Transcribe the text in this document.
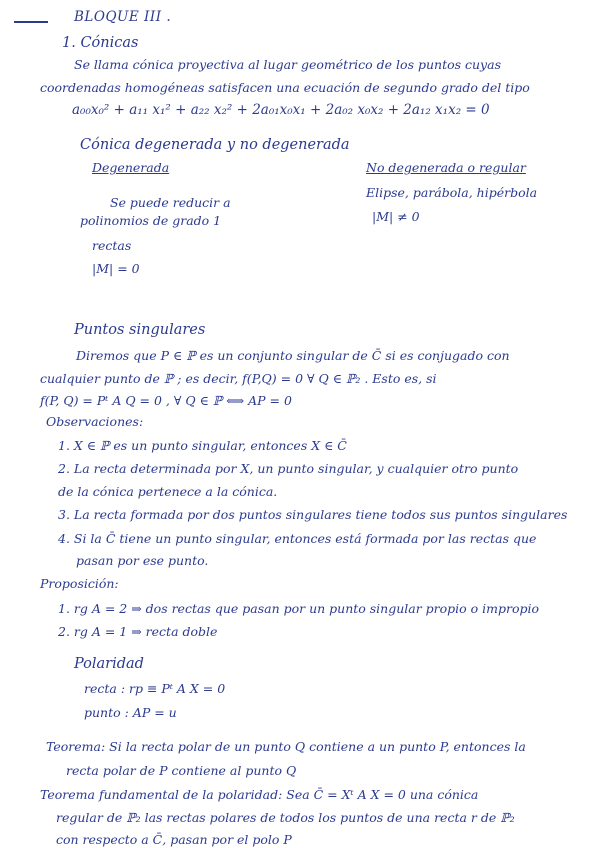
BLOQUE III .
1. Cónicas
Se llama cónica proyectiva al lugar geométrico de los puntos cuyas
coordenadas homogéneas satisfacen una ecuación de segundo grado del tipo
a₀₀x₀² + a₁₁ x₁² + a₂₂ x₂² + 2a₀₁x₀x₁ + 2a₀₂ x₀x₂ + 2a₁₂ x₁x₂ = 0
Cónica degenerada y no degenerada
Degenerada
Se puede reducir a
polinomios de grado 1
rectas
|M| = 0
No degenerada o regular
Elipse, parábola, hipérbola
|M| ≠ 0
Puntos singulares
Diremos que P ∈ ℙ es un conjunto singular de C̄ si es conjugado con
cualquier punto de ℙ ; es decir, f(P,Q) = 0 ∀ Q ∈ ℙ₂ . Esto es, si
f(P, Q) = Pᵗ A Q = 0 , ∀ Q ∈ ℙ ⟺ AP = 0
Observaciones:
1. X ∈ ℙ es un punto singular, entonces X ∈ C̄
2. La recta determinada por X, un punto singular, y cualquier otro punto
de la cónica pertenece a la cónica.
3. La recta formada por dos puntos singulares tiene todos sus puntos singulares
4. Si la C̄ tiene un punto singular, entonces está formada por las rectas que
pasan por ese punto.
Proposición:
1. rg A = 2 ⇒ dos rectas que pasan por un punto singular propio o impropio
2. rg A = 1 ⇒ recta doble
Polaridad
recta : rp ≡ Pᵗ A X = 0
punto : AP = u
Teorema: Si la recta polar de un punto Q contiene a un punto P, entonces la
recta polar de P contiene al punto Q
Teorema fundamental de la polaridad: Sea C̄ = Xᵗ A X = 0 una cónica
regular de ℙ₂ las rectas polares de todos los puntos de una recta r de ℙ₂
con respecto a C̄, pasan por el polo P
